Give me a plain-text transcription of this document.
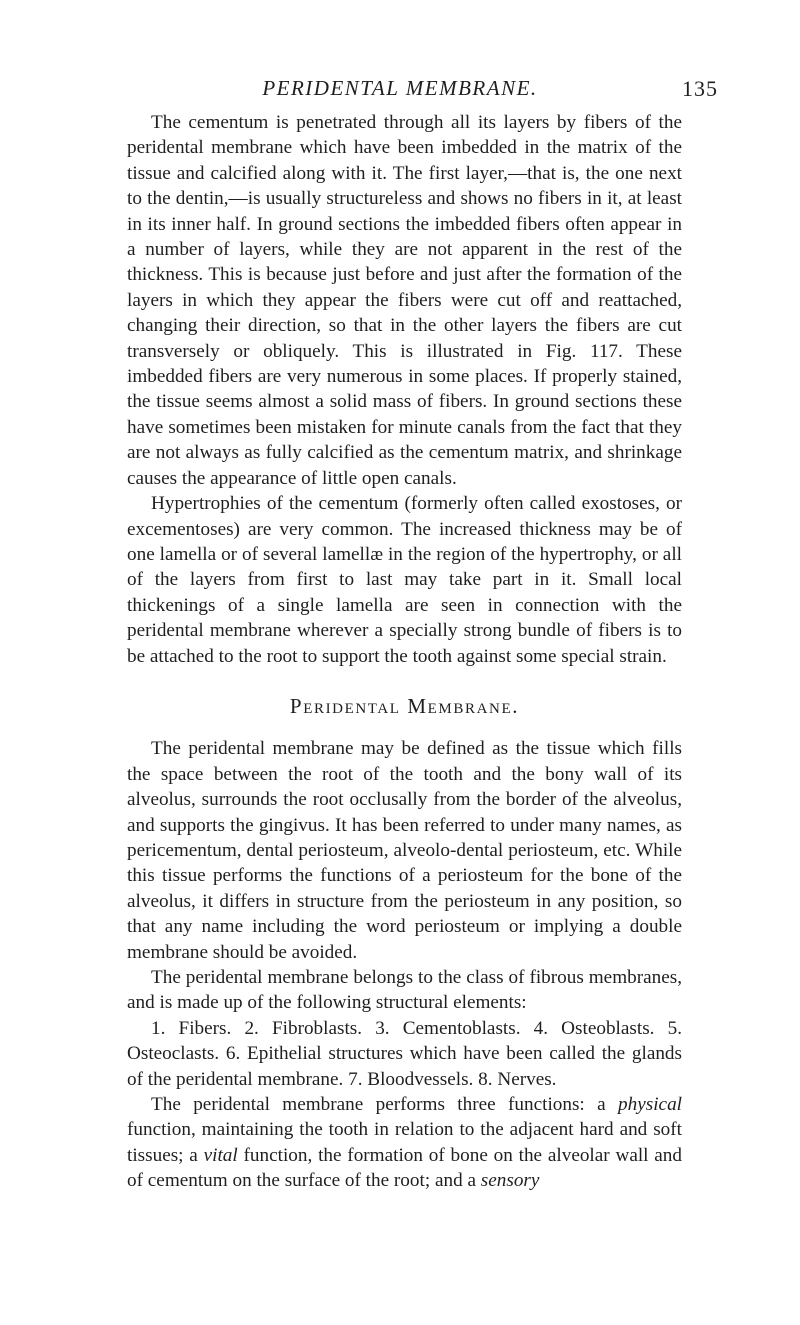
PERIDENTAL MEMBRANE.	135

The cementum is penetrated through all its layers by fibers of the peridental membrane which have been imbedded in the matrix of the tissue and calcified along with it. The first layer,—that is, the one next to the dentin,—is usually structureless and shows no fibers in it, at least in its inner half. In ground sections the imbedded fibers often appear in a number of layers, while they are not apparent in the rest of the thickness. This is because just before and just after the formation of the layers in which they appear the fibers were cut off and reattached, changing their direction, so that in the other layers the fibers are cut transversely or obliquely. This is illustrated in Fig. 117. These imbedded fibers are very numerous in some places. If properly stained, the tissue seems almost a solid mass of fibers. In ground sections these have sometimes been mistaken for minute canals from the fact that they are not always as fully calcified as the cementum matrix, and shrinkage causes the appearance of little open canals.

Hypertrophies of the cementum (formerly often called exostoses, or excementoses) are very common. The increased thickness may be of one lamella or of several lamellæ in the region of the hypertrophy, or all of the layers from first to last may take part in it. Small local thickenings of a single lamella are seen in connection with the peridental membrane wherever a specially strong bundle of fibers is to be attached to the root to support the tooth against some special strain.

Peridental Membrane.

The peridental membrane may be defined as the tissue which fills the space between the root of the tooth and the bony wall of its alveolus, surrounds the root occlusally from the border of the alveolus, and supports the gingivus. It has been referred to under many names, as pericementum, dental periosteum, alveolo-dental periosteum, etc. While this tissue performs the functions of a periosteum for the bone of the alveolus, it differs in structure from the periosteum in any position, so that any name including the word periosteum or implying a double membrane should be avoided.

The peridental membrane belongs to the class of fibrous membranes, and is made up of the following structural elements:

1. Fibers. 2. Fibroblasts. 3. Cementoblasts. 4. Osteoblasts. 5. Osteoclasts. 6. Epithelial structures which have been called the glands of the peridental membrane. 7. Bloodvessels. 8. Nerves.

The peridental membrane performs three functions: a physical function, maintaining the tooth in relation to the adjacent hard and soft tissues; a vital function, the formation of bone on the alveolar wall and of cementum on the surface of the root; and a sensory
